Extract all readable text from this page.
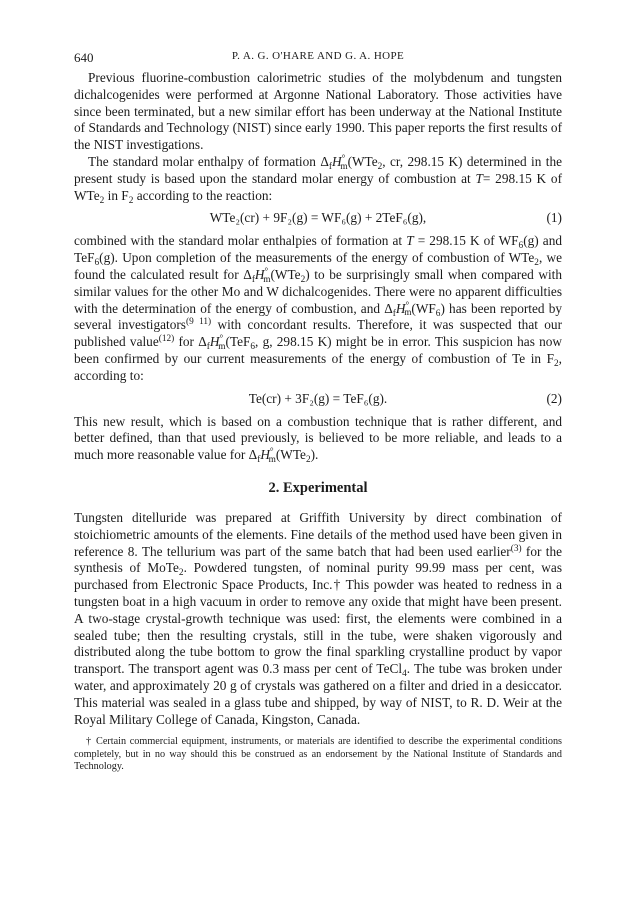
640	P. A. G. O'HARE AND G. A. HOPE

Previous fluorine-combustion calorimetric studies of the molybdenum and tungsten dichalcogenides were performed at Argonne National Laboratory. Those activities have since been terminated, but a new similar effort has been underway at the National Institute of Standards and Technology (NIST) since early 1990. This paper reports the first results of the NIST investigations.

The standard molar enthalpy of formation $\Delta_fH^\circ_m(WTe_2$, cr, 298.15 K) determined in the present study is based upon the standard molar energy of combustion at T= 298.15 K of WTe$_2$ in $F_2$ according to the reaction:

WTe₂(cr) + 9F₂(g) = WF₆(g) + 2TeF₆(g),	(1)

combined with the standard molar enthalpies of formation at T = 298.15 K of $WF_6(g)$ and TeF$_6$(g). Upon completion of the measurements of the energy of combustion of WTe$_2$, we found the calculated result for $\Delta_fH^\circ_m(WTe_2)$ to be surprisingly small when compared with similar values for the other Mo and W dichalcogenides. There were no apparent difficulties with the determination of the energy of combustion, and $\Delta_fH^\circ_m(WF_6)$ has been reported by several investigators$^{(9 11)}$ with concordant results. Therefore, it was suspected that our published value$^{(12)}$ for $\Delta_fH^\circ_m(TeF_6$, g, 298.15 K) might be in error. This suspicion has now been confirmed by our current measurements of the energy of combustion of Te in $F_2$, according to:

Te(cr) + 3F₂(g) = TeF₆(g).	(2)

This new result, which is based on a combustion technique that is rather different, and better defined, than that used previously, is believed to be more reliable, and leads to a much more reasonable value for $\Delta_fH^\circ_m(WTe_2)$.

2. Experimental

Tungsten ditelluride was prepared at Griffith University by direct combination of stoichiometric amounts of the elements. Fine details of the method used have been given in reference 8. The tellurium was part of the same batch that had been used earlier$^{(3)}$ for the synthesis of MoTe$_2$. Powdered tungsten, of nominal purity 99.99 mass per cent, was purchased from Electronic Space Products, Inc.† This powder was heated to redness in a tungsten boat in a high vacuum in order to remove any oxide that might have been present. A two-stage crystal-growth technique was used: first, the elements were combined in a sealed tube; then the resulting crystals, still in the tube, were shaken vigorously and distributed along the tube bottom to grow the final sparkling crystalline product by vapor transport. The transport agent was 0.3 mass per cent of TeCl$_4$. The tube was broken under water, and approximately 20 g of crystals was gathered on a filter and dried in a desiccator. This material was sealed in a glass tube and shipped, by way of NIST, to R. D. Weir at the Royal Military College of Canada, Kingston, Canada.

† Certain commercial equipment, instruments, or materials are identified to describe the experimental conditions completely, but in no way should this be construed as an endorsement by the National Institute of Standards and Technology.
